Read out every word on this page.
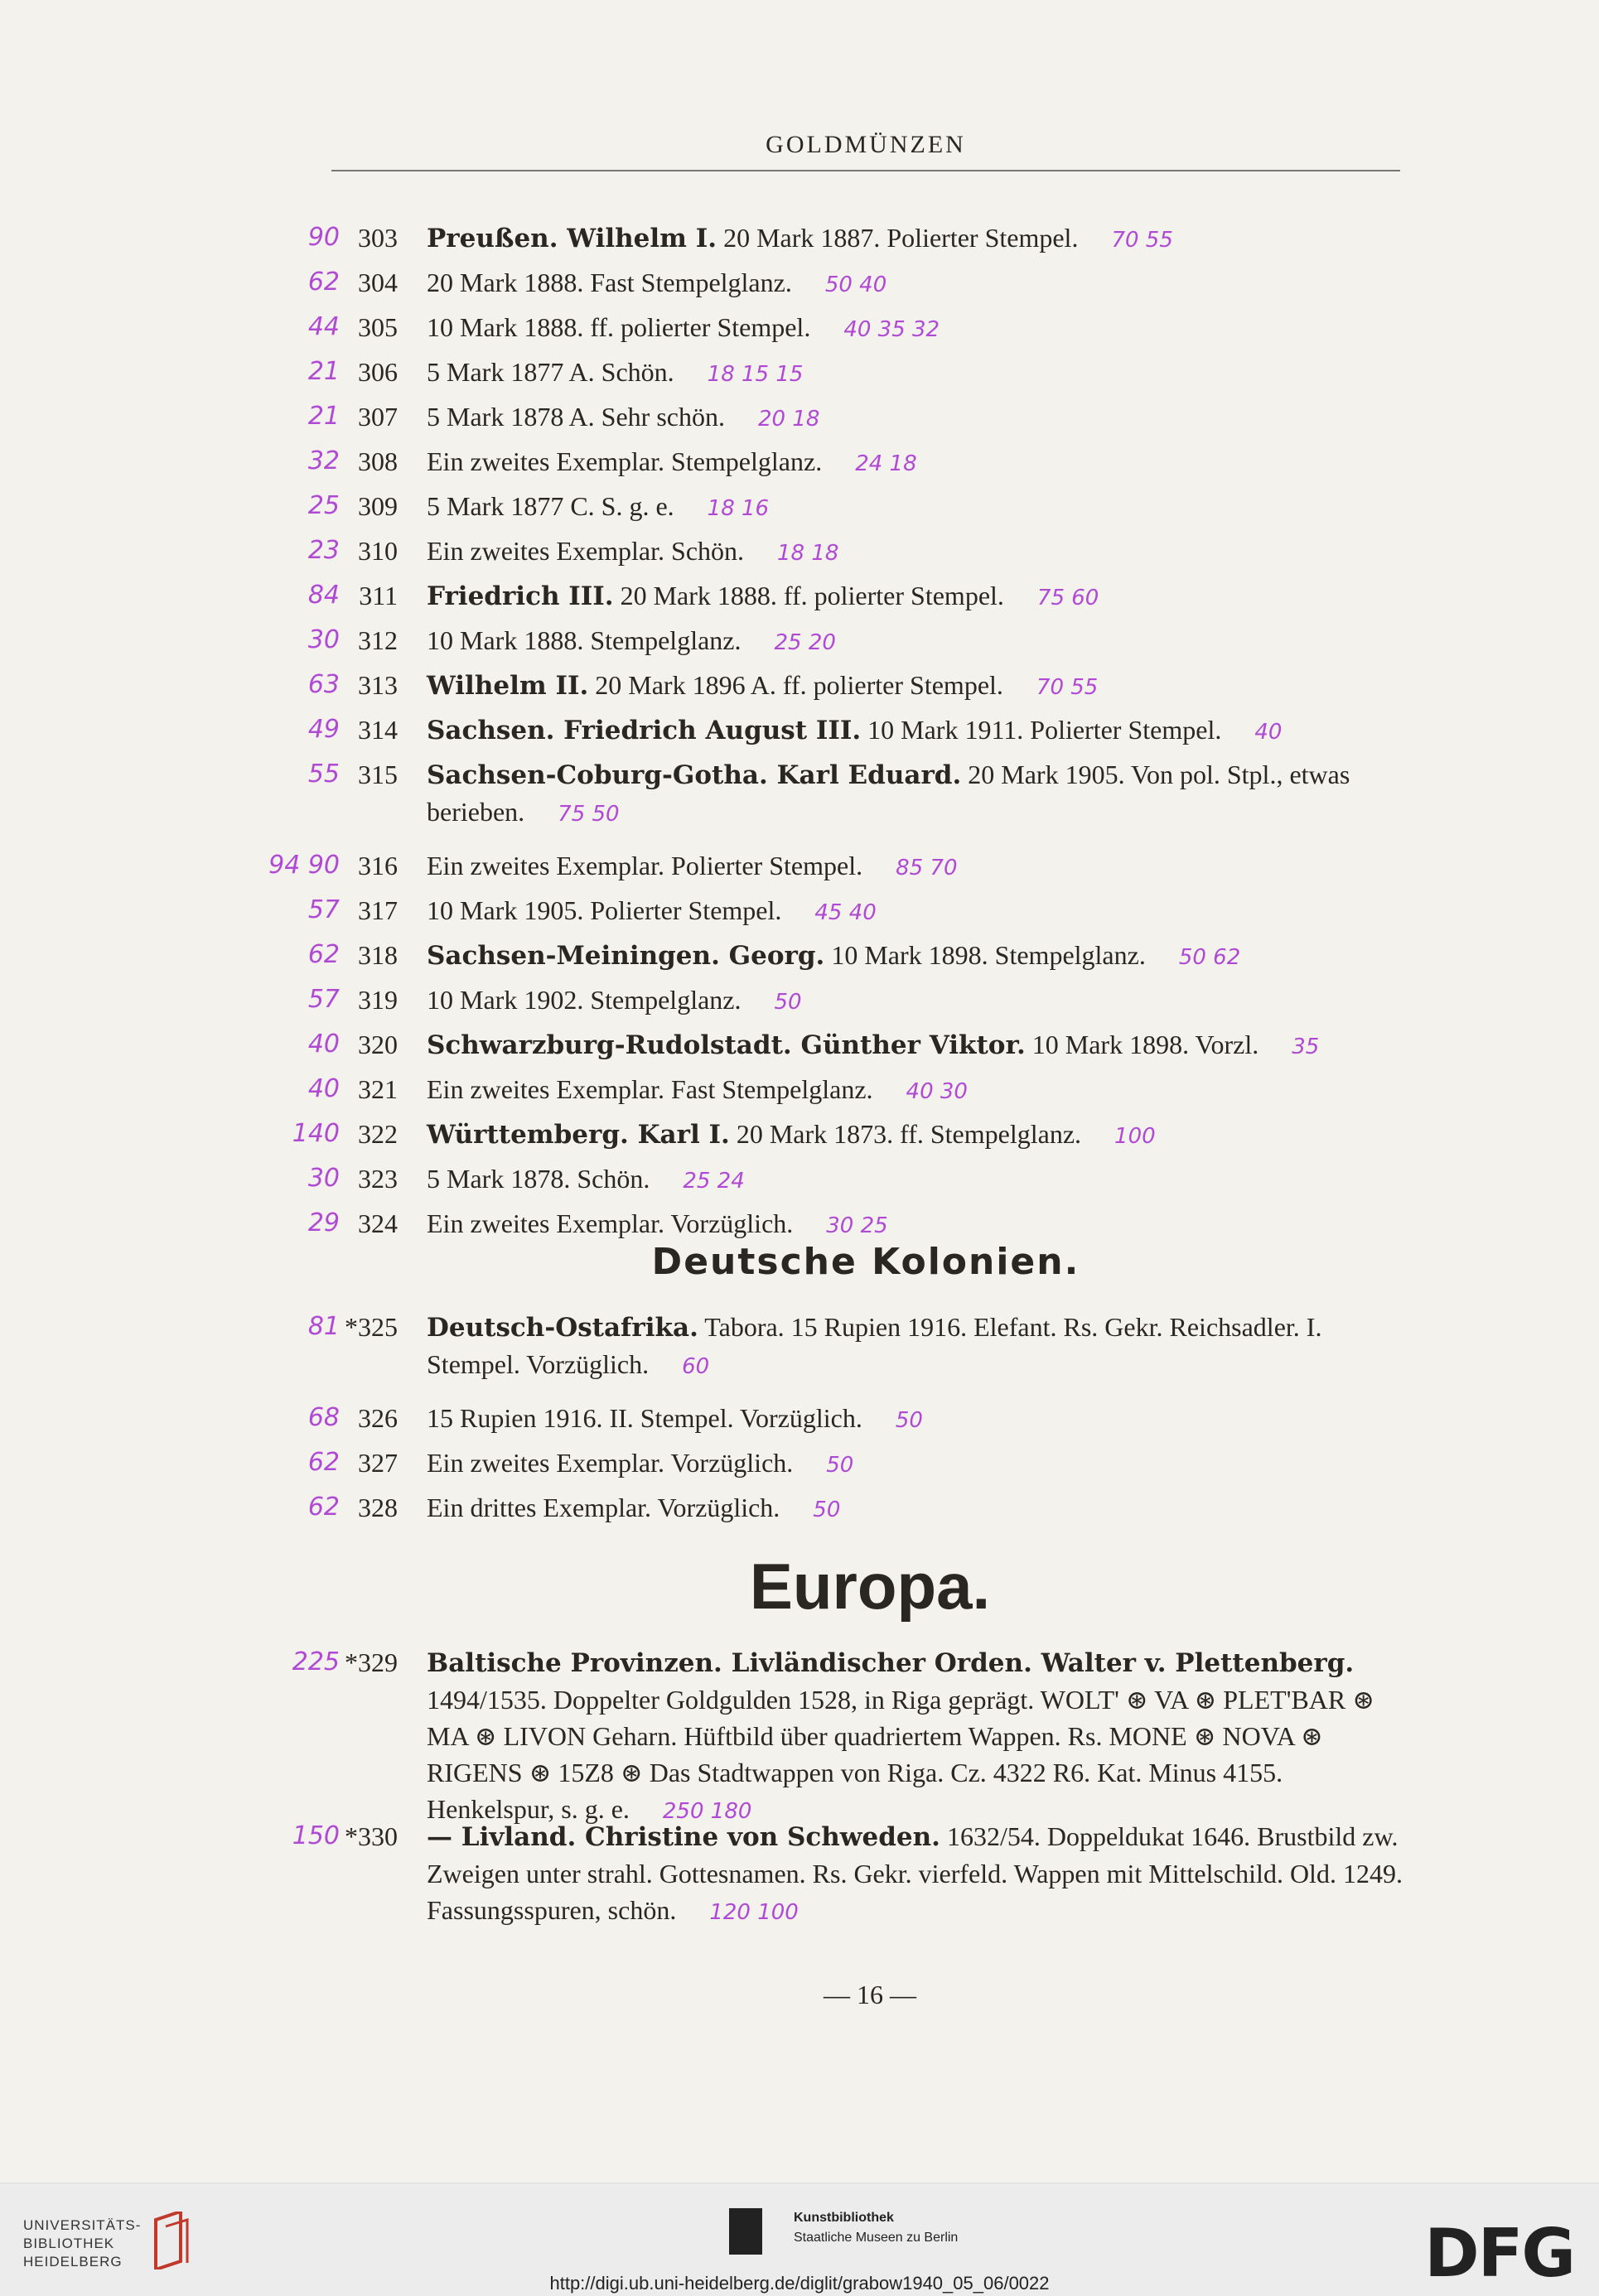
GOLDMÜNZEN
90 303 Preußen. Wilhelm I. 20 Mark 1887. Polierter Stempel. 70 55
62 304 20 Mark 1888. Fast Stempelglanz. 50 40
44 305 10 Mark 1888. ff. polierter Stempel. 40 35 32
21 306 5 Mark 1877 A. Schön. 18 15 15
21 307 5 Mark 1878 A. Sehr schön. 20 18
32 308 Ein zweites Exemplar. Stempelglanz. 24 18
25 309 5 Mark 1877 C. S. g. e. 18 16
23 310 Ein zweites Exemplar. Schön. 18 18
84 311 Friedrich III. 20 Mark 1888. ff. polierter Stempel. 75 60
30 312 10 Mark 1888. Stempelglanz. 25 20
63 313 Wilhelm II. 20 Mark 1896 A. ff. polierter Stempel. 70 55
49 314 Sachsen. Friedrich August III. 10 Mark 1911. Polierter Stempel. 40
55 315 Sachsen-Coburg-Gotha. Karl Eduard. 20 Mark 1905. Von pol. Stpl., etwas berieben. 75 50
94 90 316 Ein zweites Exemplar. Polierter Stempel. 85 70
57 317 10 Mark 1905. Polierter Stempel. 45 40
62 318 Sachsen-Meiningen. Georg. 10 Mark 1898. Stempelglanz. 50 62
57 319 10 Mark 1902. Stempelglanz. 50
40 320 Schwarzburg-Rudolstadt. Günther Viktor. 10 Mark 1898. Vorzl. 35
40 321 Ein zweites Exemplar. Fast Stempelglanz. 40 30
140 322 Württemberg. Karl I. 20 Mark 1873. ff. Stempelglanz. 100
30 323 5 Mark 1878. Schön. 25 24
29 324 Ein zweites Exemplar. Vorzüglich. 30 25
Deutsche Kolonien.
81 *325 Deutsch-Ostafrika. Tabora. 15 Rupien 1916. Elefant. Rs. Gekr. Reichsadler. I. Stempel. Vorzüglich. 60
68 326 15 Rupien 1916. II. Stempel. Vorzüglich. 50
62 327 Ein zweites Exemplar. Vorzüglich. 50
62 328 Ein drittes Exemplar. Vorzüglich. 50
Europa.
225 *329 Baltische Provinzen. Livländischer Orden. Walter v. Plettenberg. 1494/1535. Doppelter Goldgulden 1528, in Riga geprägt. WOLT' ⊛ VA ⊛ PLET'BAR ⊛ MA ⊛ LIVON Geharn. Hüftbild über quadriertem Wappen. Rs. MONE ⊛ NOVA ⊛ RIGENS ⊛ 15Z8 ⊛ Das Stadtwappen von Riga. Cz. 4322 R6. Kat. Minus 4155. Henkelspur, s. g. e. 250 180
150 *330 — Livland. Christine von Schweden. 1632/54. Doppeldukat 1646. Brustbild zw. Zweigen unter strahl. Gottesnamen. Rs. Gekr. vierfeld. Wappen mit Mittelschild. Old. 1249. Fassungsspuren, schön. 120 100
— 16 —
UNIVERSITÄTS-
BIBLIOTHEK
HEIDELBERG
Kunstbibliothek
Staatliche Museen zu Berlin	DFG
http://digi.ub.uni-heidelberg.de/diglit/grabow1940_05_06/0022
